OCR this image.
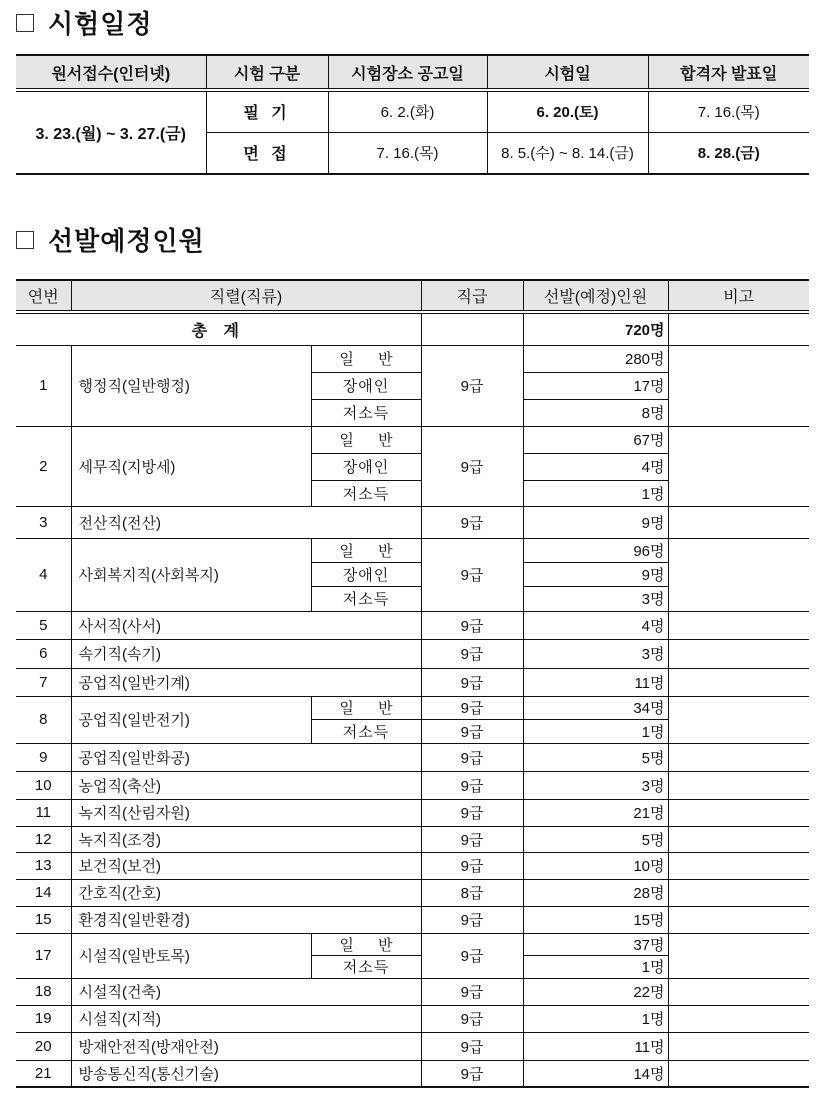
시험일정
원서접수(인터넷)	시험 구분	시험장소 공고일	시험일	합격자 발표일
3. 23.(월) ~ 3. 27.(금)	필 기	6. 2.(화)	6. 20.(토)	7. 16.(목)
	면 접	7. 16.(목)	8. 5.(수) ~ 8. 14.(금)	8. 28.(금)
선발예정인원
연번	직렬(직류)		직급	선발(예정)인원	비고
총 계				720명	
1	행정직(일반행정)	일 반	9급	280명	
		장애인		17명	
		저소득		8명	
2	세무직(지방세)	일 반	9급	67명	
		장애인		4명	
		저소득		1명	
3	전산직(전산)		9급	9명	
4	사회복지직(사회복지)	일 반	9급	96명	
		장애인		9명	
		저소득		3명	
5	사서직(사서)		9급	4명	
6	속기직(속기)		9급	3명	
7	공업직(일반기계)		9급	11명	
8	공업직(일반전기)	일 반	9급	34명	
		저소득	9급	1명	
9	공업직(일반화공)		9급	5명	
10	농업직(축산)		9급	3명	
11	녹지직(산림자원)		9급	21명	
12	녹지직(조경)		9급	5명	
13	보건직(보건)		9급	10명	
14	간호직(간호)		8급	28명	
15	환경직(일반환경)		9급	15명	
17	시설직(일반토목)	일 반	9급	37명	
		저소득		1명	
18	시설직(건축)		9급	22명	
19	시설직(지적)		9급	1명	
20	방재안전직(방재안전)		9급	11명	
21	방송통신직(통신기술)		9급	14명	
